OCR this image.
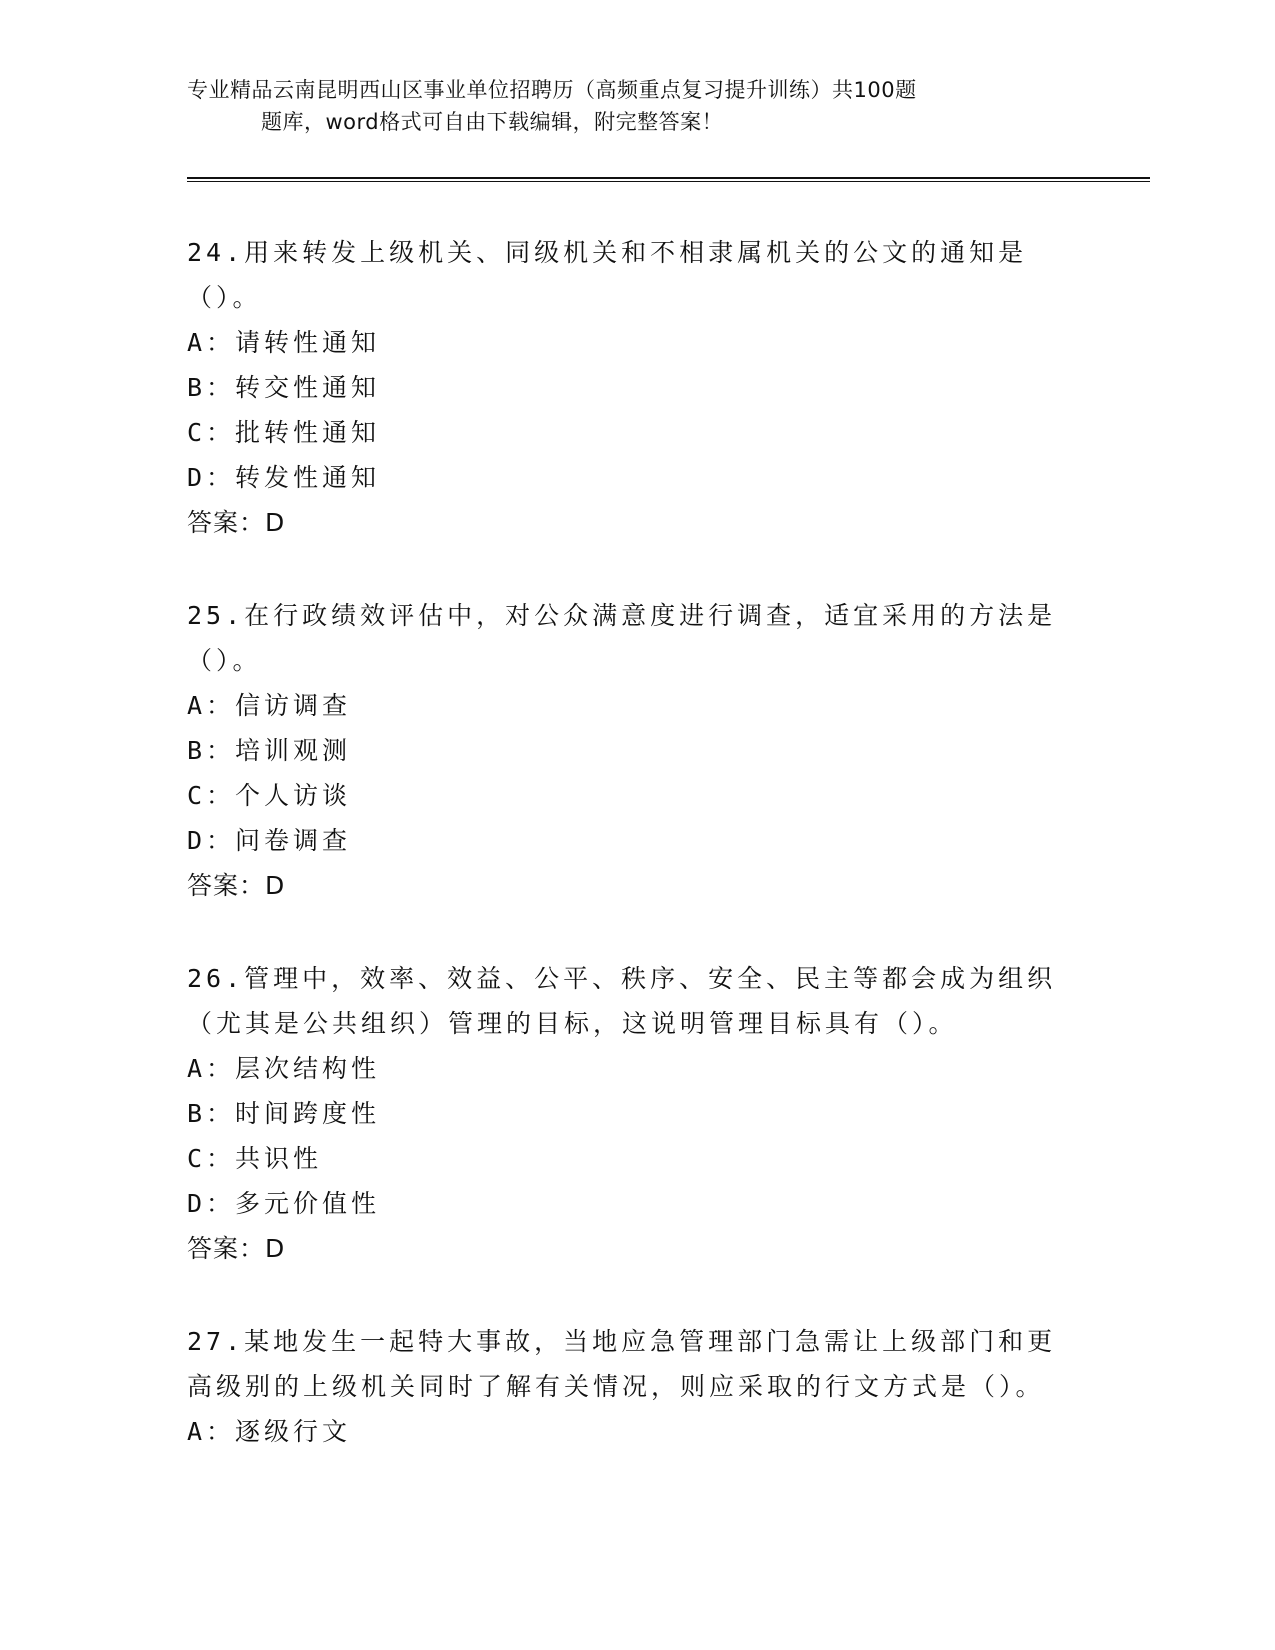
专业精品云南昆明西山区事业单位招聘历（高频重点复习提升训练）共100题
题库，word格式可自由下载编辑，附完整答案！
24.用来转发上级机关、同级机关和不相隶属机关的公文的通知是（）。
A：请转性通知
B：转交性通知
C：批转性通知
D：转发性通知
答案：D
25.在行政绩效评估中，对公众满意度进行调查，适宜采用的方法是（）。
A：信访调查
B：培训观测
C：个人访谈
D：问卷调查
答案：D
26.管理中，效率、效益、公平、秩序、安全、民主等都会成为组织（尤其是公共组织）管理的目标，这说明管理目标具有（）。
A：层次结构性
B：时间跨度性
C：共识性
D：多元价值性
答案：D
27.某地发生一起特大事故，当地应急管理部门急需让上级部门和更高级别的上级机关同时了解有关情况，则应采取的行文方式是（）。
A：逐级行文
